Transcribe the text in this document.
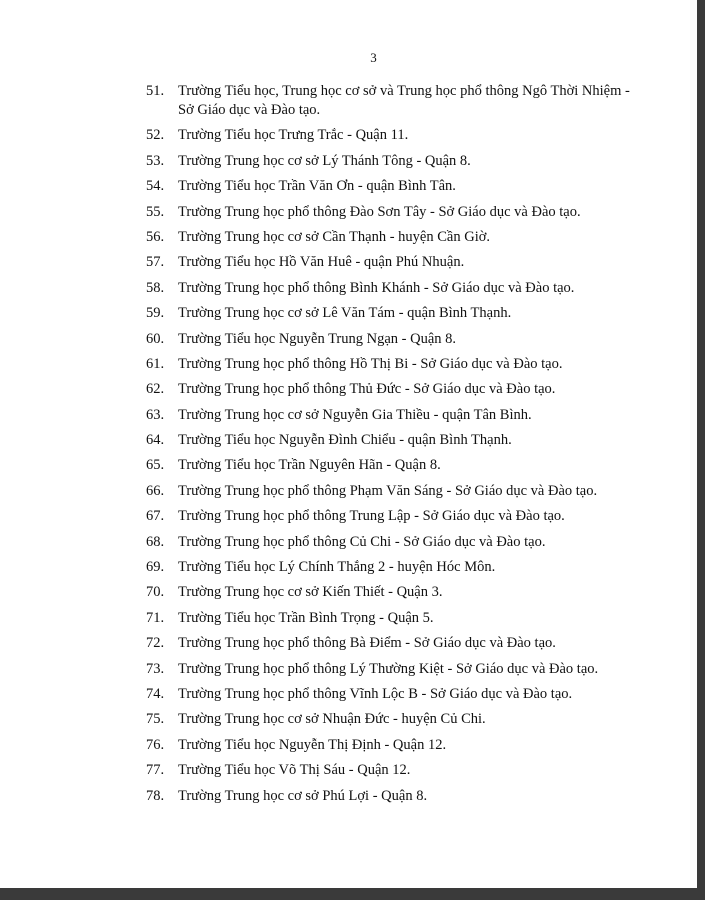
3
51. Trường Tiểu học, Trung học cơ sở và Trung học phổ thông Ngô Thời Nhiệm - Sở Giáo dục và Đào tạo.
52. Trường Tiểu học Trưng Trắc - Quận 11.
53. Trường Trung học cơ sở Lý Thánh Tông - Quận 8.
54. Trường Tiểu học Trần Văn Ơn - quận Bình Tân.
55. Trường Trung học phổ thông Đào Sơn Tây - Sở Giáo dục và Đào tạo.
56. Trường Trung học cơ sở Cần Thạnh - huyện Cần Giờ.
57. Trường Tiểu học Hồ Văn Huê - quận Phú Nhuận.
58. Trường Trung học phổ thông Bình Khánh - Sở Giáo dục và Đào tạo.
59. Trường Trung học cơ sở Lê Văn Tám - quận Bình Thạnh.
60. Trường Tiểu học Nguyễn Trung Ngạn - Quận 8.
61. Trường Trung học phổ thông Hồ Thị Bi - Sở Giáo dục và Đào tạo.
62. Trường Trung học phổ thông Thủ Đức - Sở Giáo dục và Đào tạo.
63. Trường Trung học cơ sở Nguyễn Gia Thiều - quận Tân Bình.
64. Trường Tiểu học Nguyễn Đình Chiểu - quận Bình Thạnh.
65. Trường Tiểu học Trần Nguyên Hãn - Quận 8.
66. Trường Trung học phổ thông Phạm Văn Sáng - Sở Giáo dục và Đào tạo.
67. Trường Trung học phổ thông Trung Lập - Sở Giáo dục và Đào tạo.
68. Trường Trung học phổ thông Củ Chi - Sở Giáo dục và Đào tạo.
69. Trường Tiểu học Lý Chính Thắng 2 - huyện Hóc Môn.
70. Trường Trung học cơ sở Kiến Thiết - Quận 3.
71. Trường Tiểu học Trần Bình Trọng - Quận 5.
72. Trường Trung học phổ thông Bà Điểm - Sở Giáo dục và Đào tạo.
73. Trường Trung học phổ thông Lý Thường Kiệt - Sở Giáo dục và Đào tạo.
74. Trường Trung học phổ thông Vĩnh Lộc B - Sở Giáo dục và Đào tạo.
75. Trường Trung học cơ sở Nhuận Đức - huyện Củ Chi.
76. Trường Tiểu học Nguyễn Thị Định - Quận 12.
77. Trường Tiểu học Võ Thị Sáu - Quận 12.
78. Trường Trung học cơ sở Phú Lợi - Quận 8.
